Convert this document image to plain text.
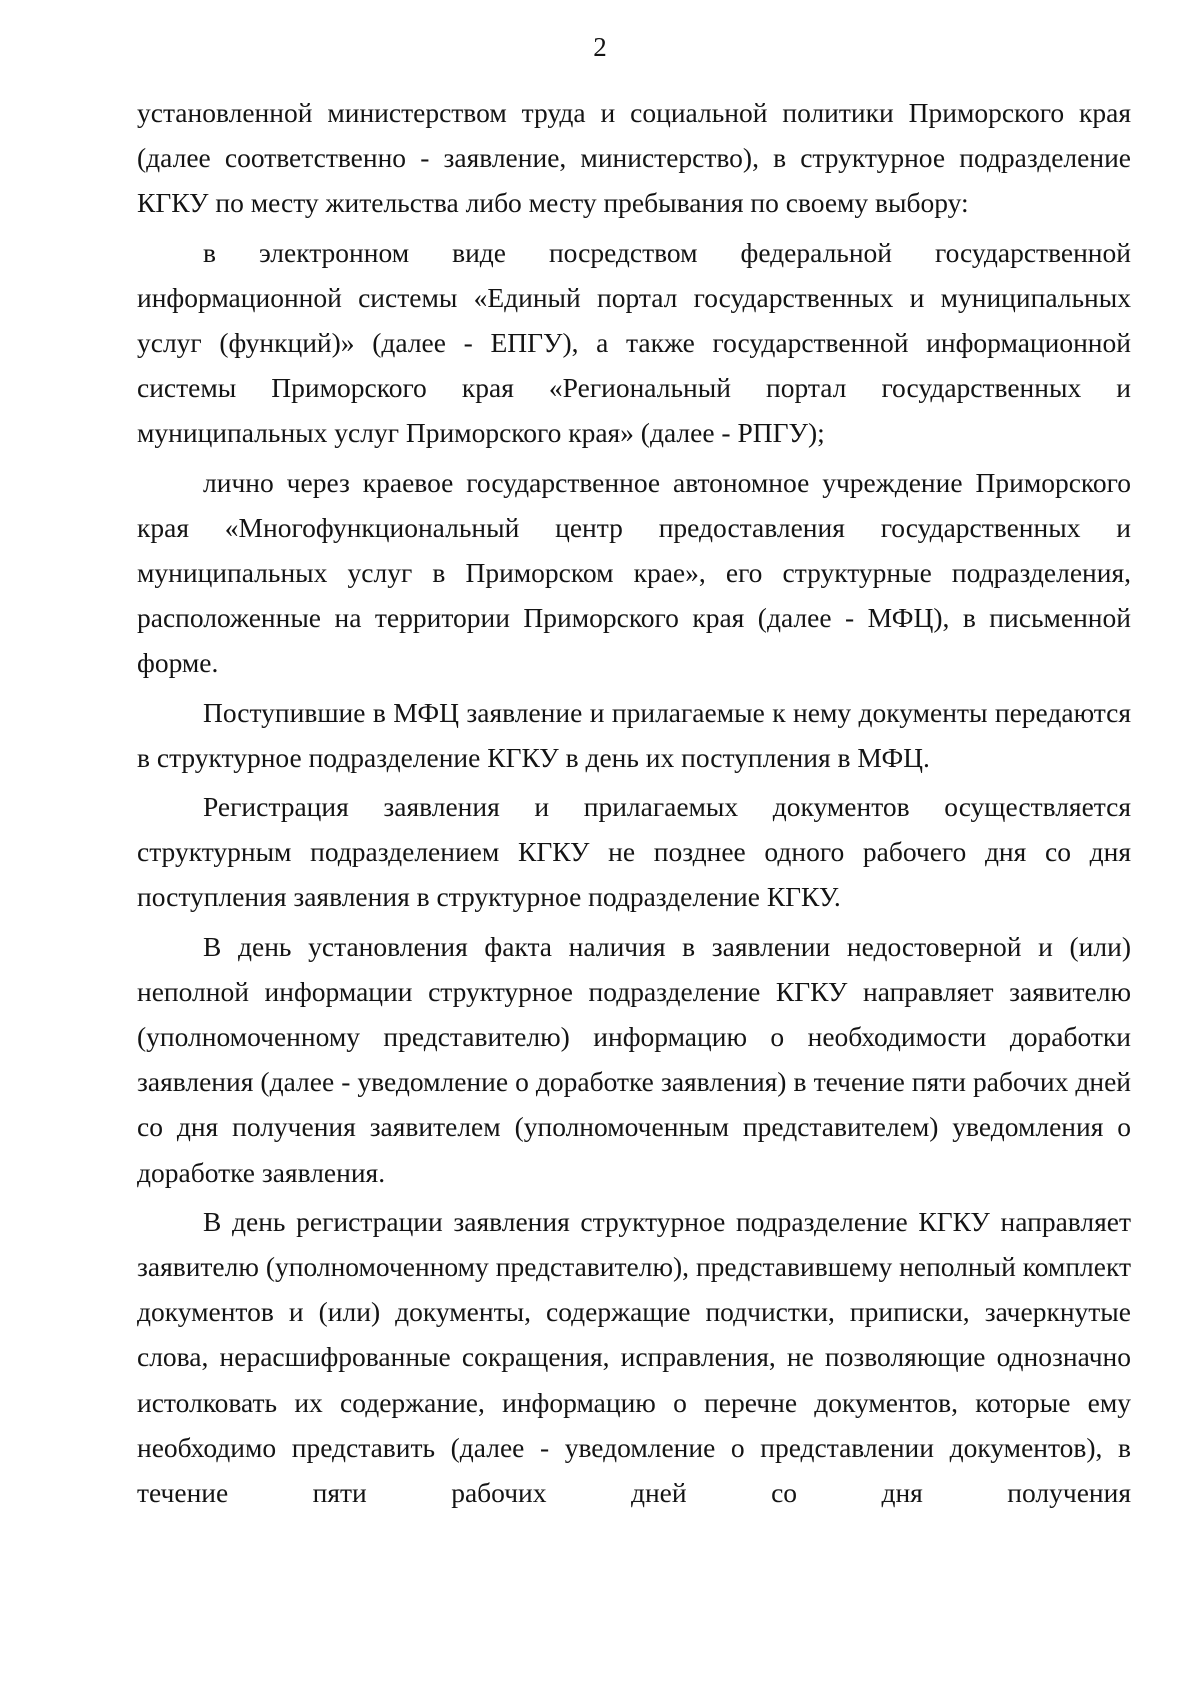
2

установленной министерством труда и социальной политики Приморского края (далее соответственно - заявление, министерство), в структурное подразделение КГКУ по месту жительства либо месту пребывания по своему выбору:

в электронном виде посредством федеральной государственной информационной системы «Единый портал государственных и муниципальных услуг (функций)» (далее - ЕПГУ), а также государственной информационной системы Приморского края «Региональный портал государственных и муниципальных услуг Приморского края» (далее - РПГУ);

лично через краевое государственное автономное учреждение Приморского края «Многофункциональный центр предоставления государственных и муниципальных услуг в Приморском крае», его структурные подразделения, расположенные на территории Приморского края (далее - МФЦ), в письменной форме.

Поступившие в МФЦ заявление и прилагаемые к нему документы передаются в структурное подразделение КГКУ в день их поступления в МФЦ.

Регистрация заявления и прилагаемых документов осуществляется структурным подразделением КГКУ не позднее одного рабочего дня со дня поступления заявления в структурное подразделение КГКУ.

В день установления факта наличия в заявлении недостоверной и (или) неполной информации структурное подразделение КГКУ направляет заявителю (уполномоченному представителю) информацию о необходимости доработки заявления (далее - уведомление о доработке заявления) в течение пяти рабочих дней со дня получения заявителем (уполномоченным представителем) уведомления о доработке заявления.

В день регистрации заявления структурное подразделение КГКУ направляет заявителю (уполномоченному представителю), представившему неполный комплект документов и (или) документы, содержащие подчистки, приписки, зачеркнутые слова, нерасшифрованные сокращения, исправления, не позволяющие однозначно истолковать их содержание, информацию о перечне документов, которые ему необходимо представить (далее - уведомление о представлении документов), в течение пяти рабочих дней со дня получения
